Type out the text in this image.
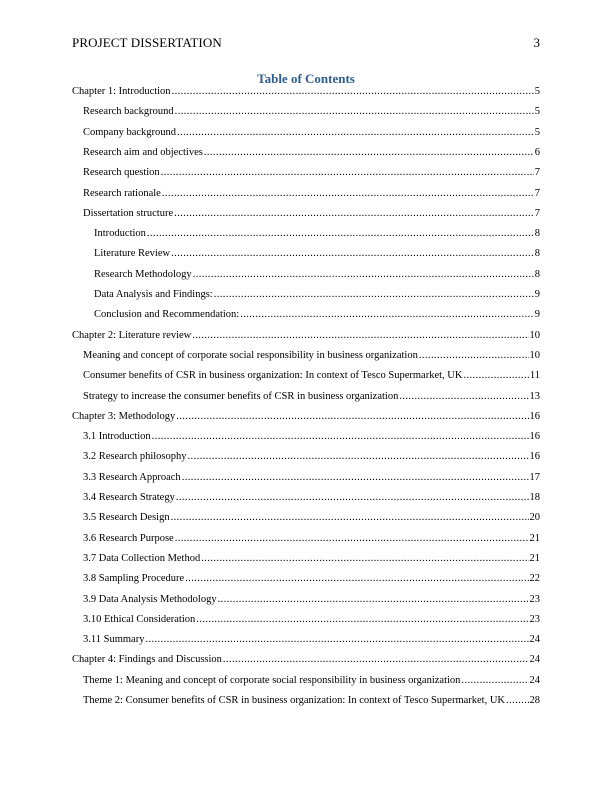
PROJECT DISSERTATION	3
Table of Contents
Chapter 1: Introduction .....	5
Research background .....	5
Company background .....	5
Research aim and objectives .....	6
Research question .....	7
Research rationale .....	7
Dissertation structure .....	7
Introduction .....	8
Literature Review .....	8
Research Methodology .....	8
Data Analysis and Findings: .....	9
Conclusion and Recommendation: .....	9
Chapter 2: Literature review .....	10
Meaning and concept of corporate social responsibility in business organization .....	10
Consumer benefits of CSR in business organization: In context of Tesco Supermarket, UK .....	11
Strategy to increase the consumer benefits of CSR in business organization .....	13
Chapter 3: Methodology .....	16
3.1 Introduction .....	16
3.2 Research philosophy .....	16
3.3 Research Approach .....	17
3.4 Research Strategy .....	18
3.5 Research Design .....	20
3.6 Research Purpose .....	21
3.7 Data Collection Method .....	21
3.8 Sampling Procedure .....	22
3.9 Data Analysis Methodology .....	23
3.10 Ethical Consideration .....	23
3.11 Summary .....	24
Chapter 4: Findings and Discussion .....	24
Theme 1: Meaning and concept of corporate social responsibility in business organization .....	24
Theme 2: Consumer benefits of CSR in business organization: In context of Tesco Supermarket, UK ..... 28
